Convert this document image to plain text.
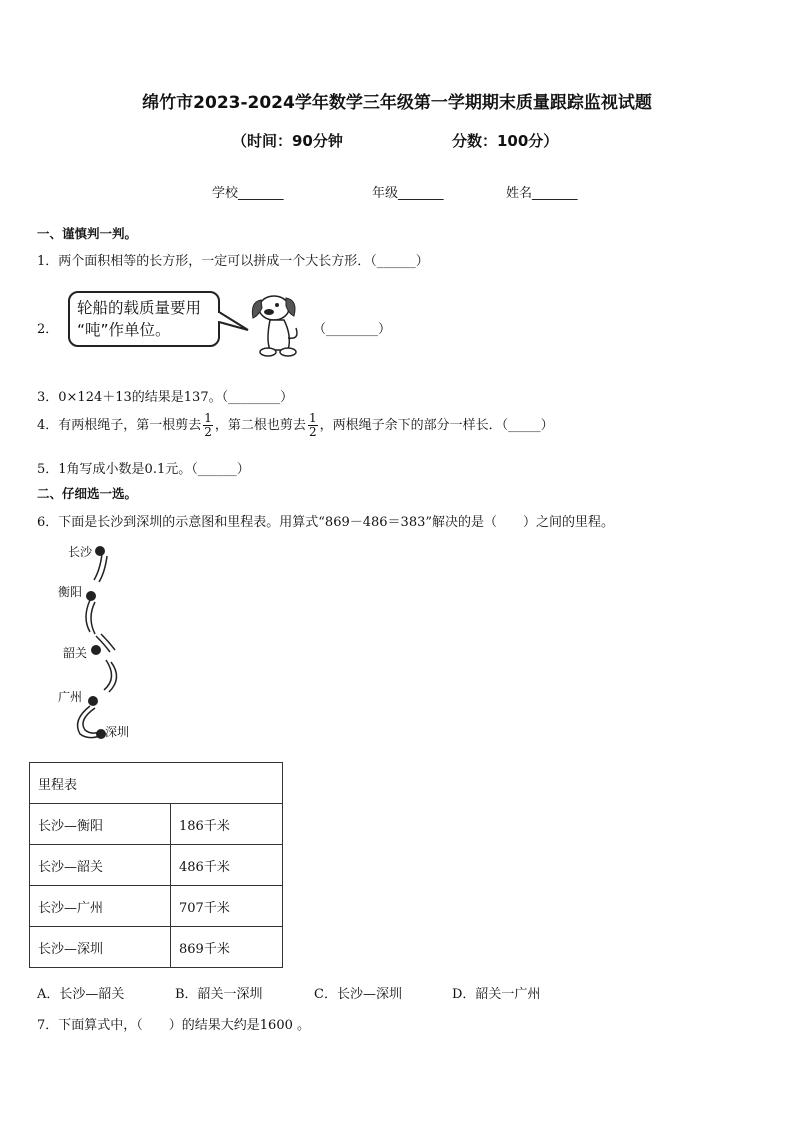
绵竹市2023-2024学年数学三年级第一学期期末质量跟踪监视试题
（时间：90分钟	分数：100分）
学校_______	年级_______	姓名_______
一、谨慎判一判。
1．两个面积相等的长方形，一定可以拼成一个大长方形．（______）
2．
轮船的载质量要用
“吨”作单位。	（________）
3．0×124＋13的结果是137。（________）
4．有两根绳子，第一根剪去 $\frac{1}{2}$ ，第二根也剪去 $\frac{1}{2}$ ，两根绳子余下的部分一样长．（_____）
5．1角写成小数是0.1元。（______）
二、仔细选一选。
6．下面是长沙到深圳的示意图和里程表。用算式“869－486＝383”解决的是（　　）之间的里程。
长沙
衡阳
韶关
广州
深圳
里程表	
长沙—衡阳	186千米
长沙—韶关	486千米
长沙—广州	707千米
长沙—深圳	869千米
A．长沙—韶关	B．韶关一深圳	C．长沙—深圳	D．韶关一广州
7．下面算式中，（　　）的结果大约是1600 。
